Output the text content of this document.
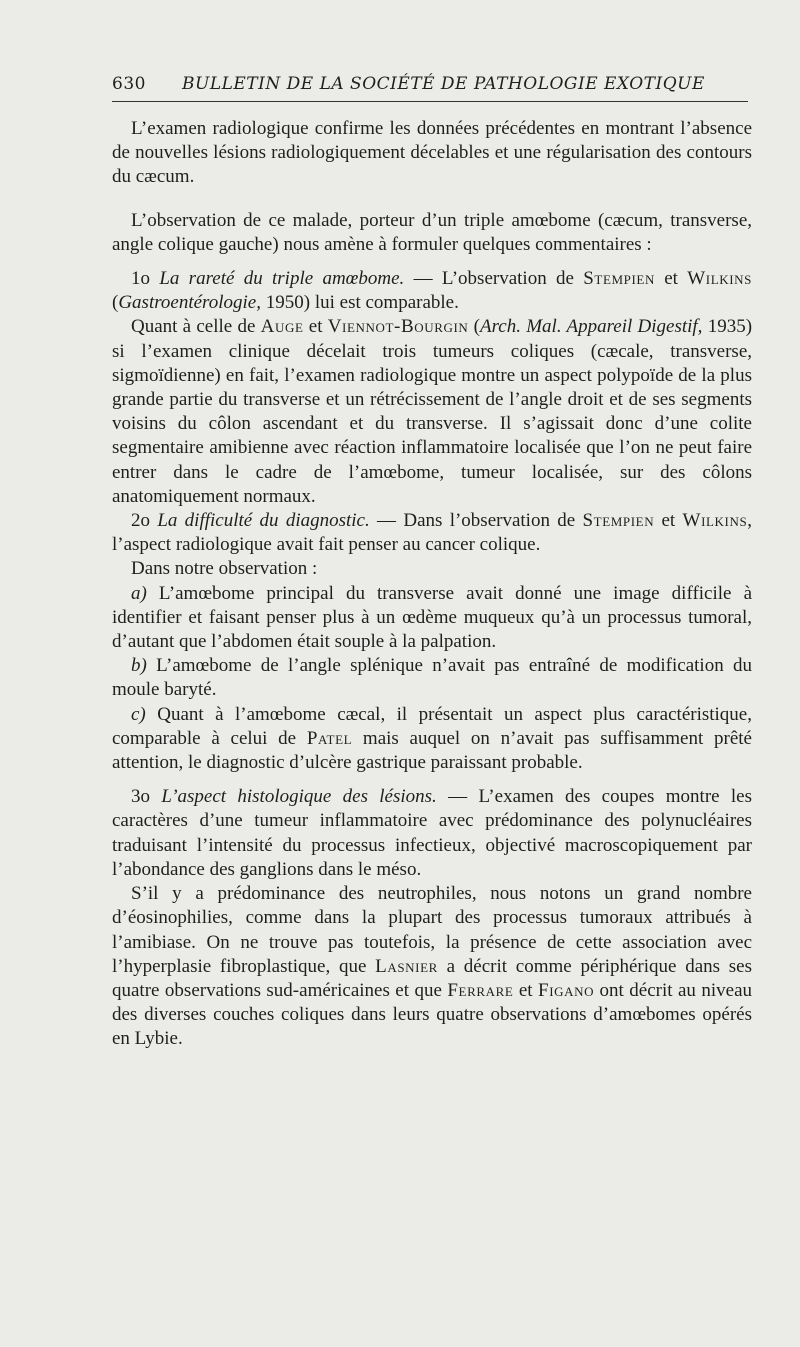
630 BULLETIN DE LA SOCIÉTÉ DE PATHOLOGIE EXOTIQUE

L’examen radiologique confirme les données précédentes en montrant l’absence de nouvelles lésions radiologiquement décelables et une régularisation des contours du cæcum.

L’observation de ce malade, porteur d’un triple amœbome (cæcum, transverse, angle colique gauche) nous amène à formuler quelques commentaires :

1o La rareté du triple amœbome. — L’observation de Stempien et Wilkins (Gastroentérologie, 1950) lui est comparable.

Quant à celle de Auge et Viennot-Bourgin (Arch. Mal. Appareil Digestif, 1935) si l’examen clinique décelait trois tumeurs coliques (cæcale, transverse, sigmoïdienne) en fait, l’examen radiologique montre un aspect polypoïde de la plus grande partie du transverse et un rétrécissement de l’angle droit et de ses segments voisins du côlon ascendant et du transverse. Il s’agissait donc d’une colite segmentaire amibienne avec réaction inflammatoire localisée que l’on ne peut faire entrer dans le cadre de l’amœbome, tumeur localisée, sur des côlons anatomiquement normaux.

2o La difficulté du diagnostic. — Dans l’observation de Stempien et Wilkins, l’aspect radiologique avait fait penser au cancer colique.

Dans notre observation :

a) L’amœbome principal du transverse avait donné une image difficile à identifier et faisant penser plus à un œdème muqueux qu’à un processus tumoral, d’autant que l’abdomen était souple à la palpation.

b) L’amœbome de l’angle splénique n’avait pas entraîné de modification du moule baryté.

c) Quant à l’amœbome cæcal, il présentait un aspect plus caractéristique, comparable à celui de Patel mais auquel on n’avait pas suffisamment prêté attention, le diagnostic d’ulcère gastrique paraissant probable.

3o L’aspect histologique des lésions. — L’examen des coupes montre les caractères d’une tumeur inflammatoire avec prédominance des polynucléaires traduisant l’intensité du processus infectieux, objectivé macroscopiquement par l’abondance des ganglions dans le méso.

S’il y a prédominance des neutrophiles, nous notons un grand nombre d’éosinophilies, comme dans la plupart des processus tumoraux attribués à l’amibiase. On ne trouve pas toutefois, la présence de cette association avec l’hyperplasie fibroplastique, que Lasnier a décrit comme périphérique dans ses quatre observations sud-américaines et que Ferrare et Figano ont décrit au niveau des diverses couches coliques dans leurs quatre observations d’amœbomes opérés en Lybie.
